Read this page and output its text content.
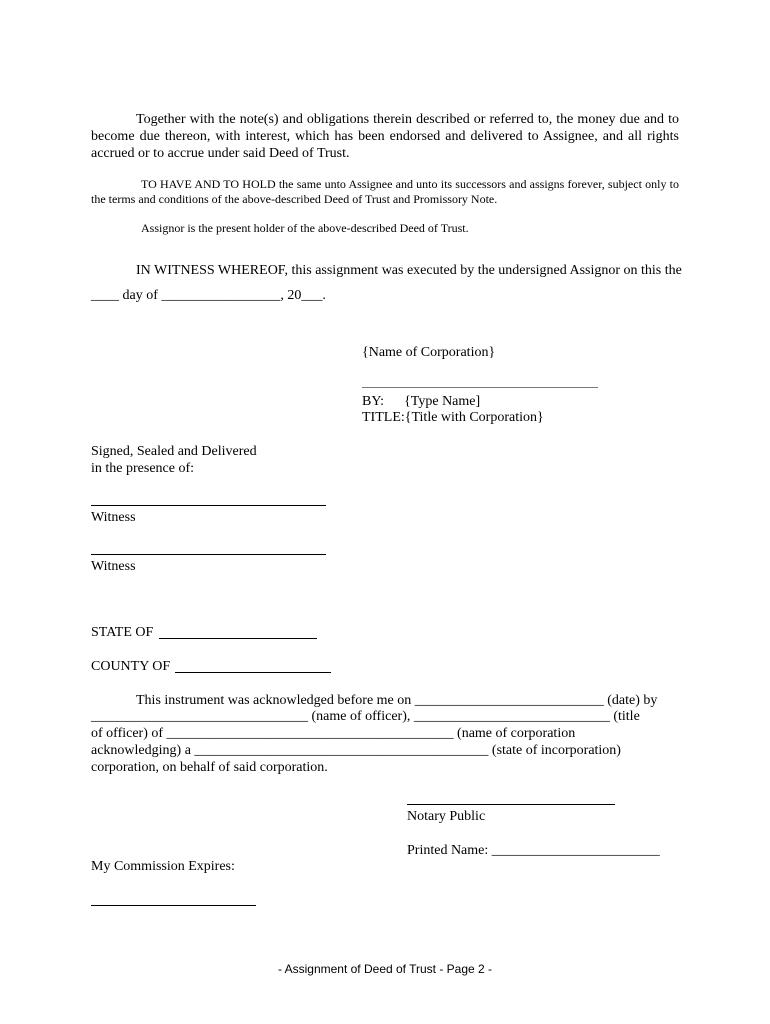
Together with the note(s) and obligations therein described or referred to, the money due and to become due thereon, with interest, which has been endorsed and delivered to Assignee, and all rights accrued or to accrue under said Deed of Trust.
TO HAVE AND TO HOLD the same unto Assignee and unto its successors and assigns forever, subject only to the terms and conditions of the above-described Deed of Trust and Promissory Note.
Assignor is the present holder of the above-described Deed of Trust.
IN WITNESS WHEREOF, this assignment was executed by the undersigned Assignor on this the
____ day of _________________, 20___.
{Name of Corporation}
BY: {Type Name]
TITLE:{Title with Corporation}
Signed, Sealed and Delivered
in the presence of:
Witness
Witness
STATE OF
COUNTY OF
This instrument was acknowledged before me on ___________________________ (date) by
_______________________________ (name of officer), ____________________________ (title
of officer) of _________________________________________ (name of corporation
acknowledging) a __________________________________________ (state of incorporation)
corporation, on behalf of said corporation.
Notary Public
Printed Name: ________________________
My Commission Expires:
- Assignment of Deed of Trust - Page 2 -
